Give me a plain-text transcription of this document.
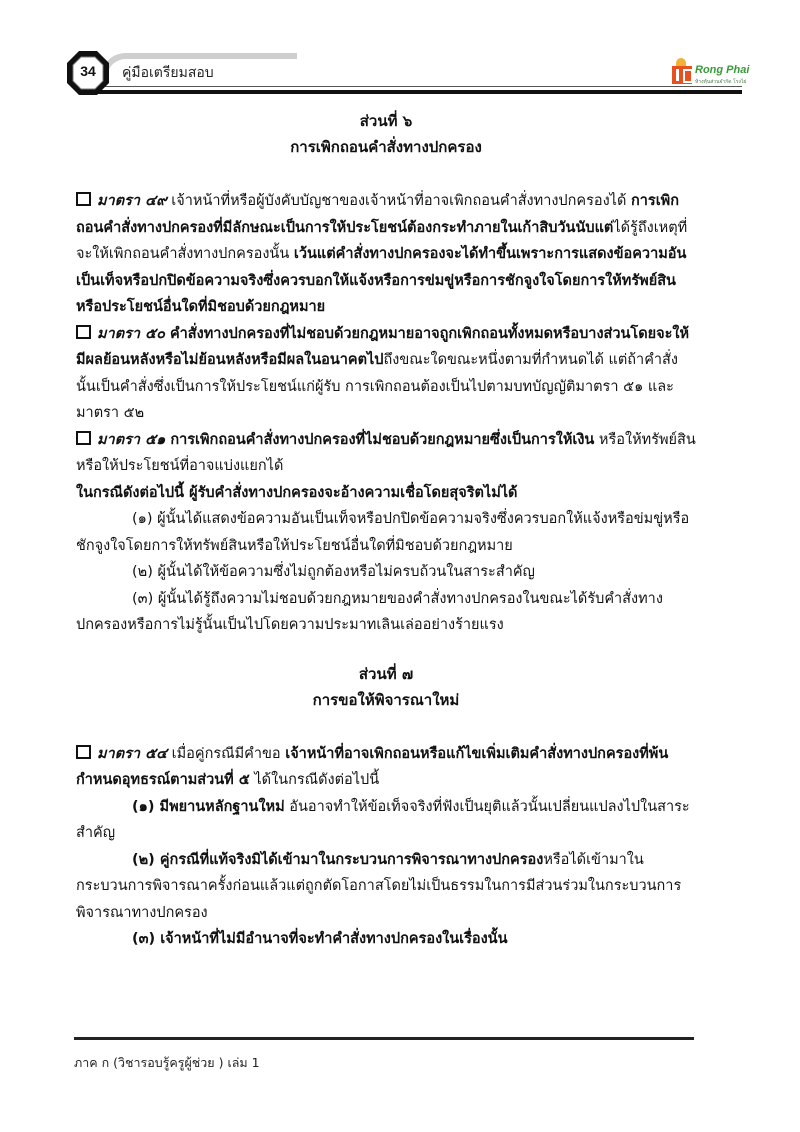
34	คู่มือเตรียมสอบ	Rong Phai
ห้างหุ้นส่วนจำกัด โรงไผ่
ส่วนที่ ๖
การเพิกถอนคำสั่งทางปกครอง
มาตรา ๔๙ เจ้าหน้าที่หรือผู้บังคับบัญชาของเจ้าหน้าที่อาจเพิกถอนคำสั่งทางปกครองได้ การเพิกถอนคำสั่งทางปกครองที่มีลักษณะเป็นการให้ประโยชน์ต้องกระทำภายในเก้าสิบวันนับแต่ได้รู้ถึงเหตุที่จะให้เพิกถอนคำสั่งทางปกครองนั้น เว้นแต่คำสั่งทางปกครองจะได้ทำขึ้นเพราะการแสดงข้อความอันเป็นเท็จหรือปกปิดข้อความจริงซึ่งควรบอกให้แจ้งหรือการข่มขู่หรือการชักจูงใจโดยการให้ทรัพย์สินหรือประโยชน์อื่นใดที่มิชอบด้วยกฎหมาย
มาตรา ๕๐ คำสั่งทางปกครองที่ไม่ชอบด้วยกฎหมายอาจถูกเพิกถอนทั้งหมดหรือบางส่วนโดยจะให้มีผลย้อนหลังหรือไม่ย้อนหลังหรือมีผลในอนาคตไปถึงขณะใดขณะหนึ่งตามที่กำหนดได้ แต่ถ้าคำสั่งนั้นเป็นคำสั่งซึ่งเป็นการให้ประโยชน์แก่ผู้รับ การเพิกถอนต้องเป็นไปตามบทบัญญัติมาตรา ๕๑ และมาตรา ๕๒
มาตรา ๕๑ การเพิกถอนคำสั่งทางปกครองที่ไม่ชอบด้วยกฎหมายซึ่งเป็นการให้เงิน หรือให้ทรัพย์สินหรือให้ประโยชน์ที่อาจแบ่งแยกได้
ในกรณีดังต่อไปนี้ ผู้รับคำสั่งทางปกครองจะอ้างความเชื่อโดยสุจริตไม่ได้
(๑) ผู้นั้นได้แสดงข้อความอันเป็นเท็จหรือปกปิดข้อความจริงซึ่งควรบอกให้แจ้งหรือข่มขู่หรือชักจูงใจโดยการให้ทรัพย์สินหรือให้ประโยชน์อื่นใดที่มิชอบด้วยกฎหมาย
(๒) ผู้นั้นได้ให้ข้อความซึ่งไม่ถูกต้องหรือไม่ครบถ้วนในสาระสำคัญ
(๓) ผู้นั้นได้รู้ถึงความไม่ชอบด้วยกฎหมายของคำสั่งทางปกครองในขณะได้รับคำสั่งทางปกครองหรือการไม่รู้นั้นเป็นไปโดยความประมาทเลินเล่ออย่างร้ายแรง
ส่วนที่ ๗
การขอให้พิจารณาใหม่
มาตรา ๕๔ เมื่อคู่กรณีมีคำขอ เจ้าหน้าที่อาจเพิกถอนหรือแก้ไขเพิ่มเติมคำสั่งทางปกครองที่พ้นกำหนดอุทธรณ์ตามส่วนที่ ๕ ได้ในกรณีดังต่อไปนี้
(๑) มีพยานหลักฐานใหม่ อันอาจทำให้ข้อเท็จจริงที่ฟังเป็นยุติแล้วนั้นเปลี่ยนแปลงไปในสาระสำคัญ
(๒) คู่กรณีที่แท้จริงมิได้เข้ามาในกระบวนการพิจารณาทางปกครองหรือได้เข้ามาในกระบวนการพิจารณาครั้งก่อนแล้วแต่ถูกตัดโอกาสโดยไม่เป็นธรรมในการมีส่วนร่วมในกระบวนการพิจารณาทางปกครอง
(๓) เจ้าหน้าที่ไม่มีอำนาจที่จะทำคำสั่งทางปกครองในเรื่องนั้น
ภาค ก (วิชารอบรู้ครูผู้ช่วย ) เล่ม 1
